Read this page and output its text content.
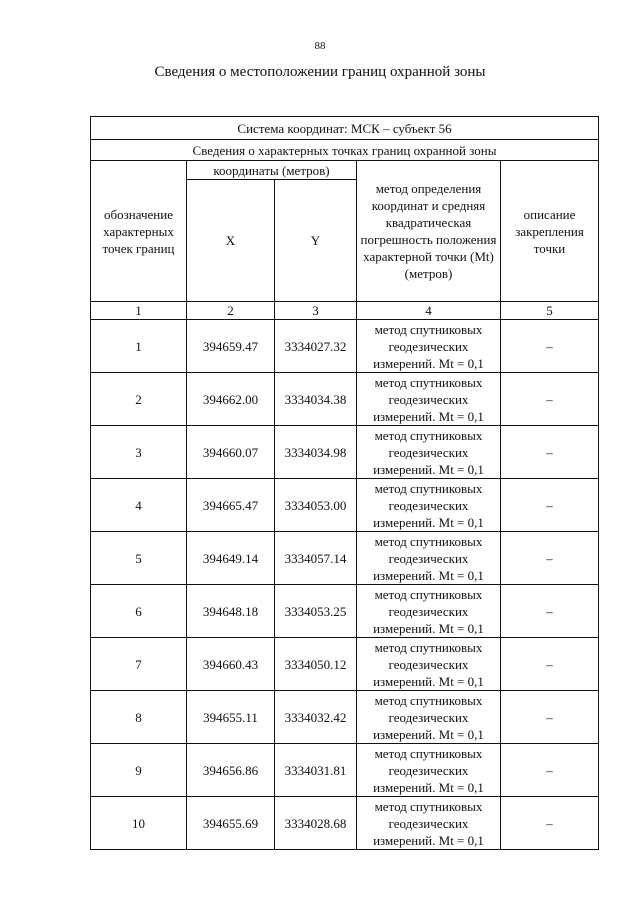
88
Сведения о местоположении границ охранной зоны
Система координат: МСК – субъект 56				
Сведения о характерных точках границ охранной зоны				
обозначение характерных точек границ	координаты (метров)		метод определения координат и средняя квадратическая погрешность положения характерной точки (Mt) (метров)	описание закрепления точки
	X	Y		
1	2	3	4	5
1	394659.47	3334027.32	метод спутниковых геодезических измерений. Mt = 0,1	–
2	394662.00	3334034.38	метод спутниковых геодезических измерений. Mt = 0,1	–
3	394660.07	3334034.98	метод спутниковых геодезических измерений. Mt = 0,1	–
4	394665.47	3334053.00	метод спутниковых геодезических измерений. Mt = 0,1	–
5	394649.14	3334057.14	метод спутниковых геодезических измерений. Mt = 0,1	–
6	394648.18	3334053.25	метод спутниковых геодезических измерений. Mt = 0,1	–
7	394660.43	3334050.12	метод спутниковых геодезических измерений. Mt = 0,1	–
8	394655.11	3334032.42	метод спутниковых геодезических измерений. Mt = 0,1	–
9	394656.86	3334031.81	метод спутниковых геодезических измерений. Mt = 0,1	–
10	394655.69	3334028.68	метод спутниковых геодезических измерений. Mt = 0,1	–
